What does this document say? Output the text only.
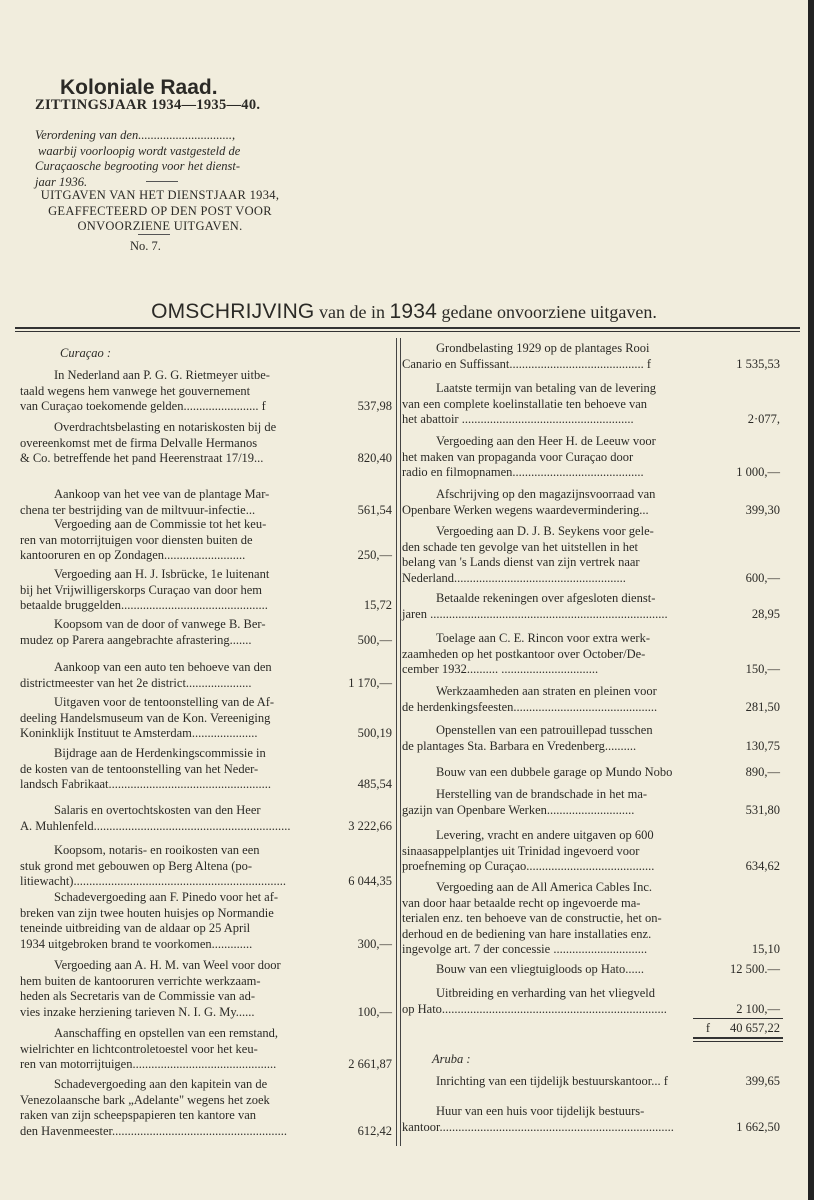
Koloniale Raad.
ZITTINGSJAAR 1934—1935—40.
Verordening van den..............................,
waarbij voorloopig wordt vastgesteld de
Curaçaosche begrooting voor het dienst-
jaar 1936.
UITGAVEN VAN HET DIENSTJAAR 1934,
GEAFFECTEERD OP DEN POST VOOR
ONVOORZIENE UITGAVEN.
No. 7.
OMSCHRIJVING van de in 1934 gedane onvoorziene uitgaven.
Curaçao :

In Nederland aan P. G. G. Rietmeyer uitbe-

taald wegens hem vanwege het gouvernement

van Curaçao toekomende gelden........................ f	537,98

Overdrachtsbelasting en notariskosten bij de

overeenkomst met de firma Delvalle Hermanos

& Co. betreffende het pand Heerenstraat 17/19...	820,40

Aankoop van het vee van de plantage Mar-

chena ter bestrijding van de miltvuur-infectie...	561,54

Vergoeding aan de Commissie tot het keu-

ren van motorrijtuigen voor diensten buiten de

kantooruren en op Zondagen..........................	250,—

Vergoeding aan H. J. Isbrücke, 1e luitenant

bij het Vrijwilligerskorps Curaçao van door hem

betaalde bruggelden...............................................	15,72

Koopsom van de door of vanwege B. Ber-

mudez op Parera aangebrachte afrastering.......	500,—

Aankoop van een auto ten behoeve van den

districtmeester van het 2e district.....................	1 170,—

Uitgaven voor de tentoonstelling van de Af-

deeling Handelsmuseum van de Kon. Vereeniging

Koninklijk Instituut te Amsterdam.....................	500,19

Bijdrage aan de Herdenkingscommissie in

de kosten van de tentoonstelling van het Neder-

landsch Fabrikaat....................................................	485,54

Salaris en overtochtskosten van den Heer

A. Muhlenfeld...............................................................	3 222,66

Koopsom, notaris- en rooikosten van een

stuk grond met gebouwen op Berg Altena (po-

litiewacht)....................................................................	6 044,35

Schadevergoeding aan F. Pinedo voor het af-

breken van zijn twee houten huisjes op Normandie

teneinde uitbreiding van de aldaar op 25 April

1934 uitgebroken brand te voorkomen.............	300,—

Vergoeding aan A. H. M. van Weel voor door

hem buiten de kantooruren verrichte werkzaam-

heden als Secretaris van de Commissie van ad-

vies inzake herziening tarieven N. I. G. My......	100,—

Aanschaffing en opstellen van een remstand,

wielrichter en lichtcontroletoestel voor het keu-

ren van motorrijtuigen..............................................	2 661,87

Schadevergoeding aan den kapitein van de

Venezolaansche bark „Adelante" wegens het zoek

raken van zijn scheepspapieren ten kantore van

den Havenmeester........................................................	612,42

Grondbelasting 1929 op de plantages Rooi

Canario en Suffissant........................................... f	1 535,53

Laatste termijn van betaling van de levering

van een complete koelinstallatie ten behoeve van

het abattoir .......................................................	2·077,

Vergoeding aan den Heer H. de Leeuw voor

het maken van propaganda voor Curaçao door

radio en filmopnamen..........................................	1 000,—

Afschrijving op den magazijnsvoorraad van

Openbare Werken wegens waardevermindering...	399,30

Vergoeding aan D. J. B. Seykens voor gele-

den schade ten gevolge van het uitstellen in het

belang van 's Lands dienst van zijn vertrek naar

Nederland.......................................................	600,—

Betaalde rekeningen over afgesloten dienst-

jaren ............................................................................	28,95

Toelage aan C. E. Rincon voor extra werk-

zaamheden op het postkantoor over October/De-

cember 1932.......... ...............................	150,—

Werkzaamheden aan straten en pleinen voor

de herdenkingsfeesten..............................................	281,50

Openstellen van een patrouillepad tusschen

de plantages Sta. Barbara en Vredenberg..........	130,75

Bouw van een dubbele garage op Mundo Nobo	890,—

Herstelling van de brandschade in het ma-

gazijn van Openbare Werken............................	531,80

Levering, vracht en andere uitgaven op 600

sinaasappelplantjes uit Trinidad ingevoerd voor

proefneming op Curaçao.........................................	634,62

Vergoeding aan de All America Cables Inc.

van door haar betaalde recht op ingevoerde ma-

terialen enz. ten behoeve van de constructie, het on-

derhoud en de bediening van hare installaties enz.

ingevolge art. 7 der concessie ..............................	15,10

Bouw van een vliegtuigloods op Hato......	12 500.—

Uitbreiding en verharding van het vliegveld

op Hato........................................................................	2 100,—
f	40 657,22
Aruba :

Inrichting van een tijdelijk bestuurskantoor... f	399,65

Huur van een huis voor tijdelijk bestuurs-

kantoor...........................................................................	1 662,50
